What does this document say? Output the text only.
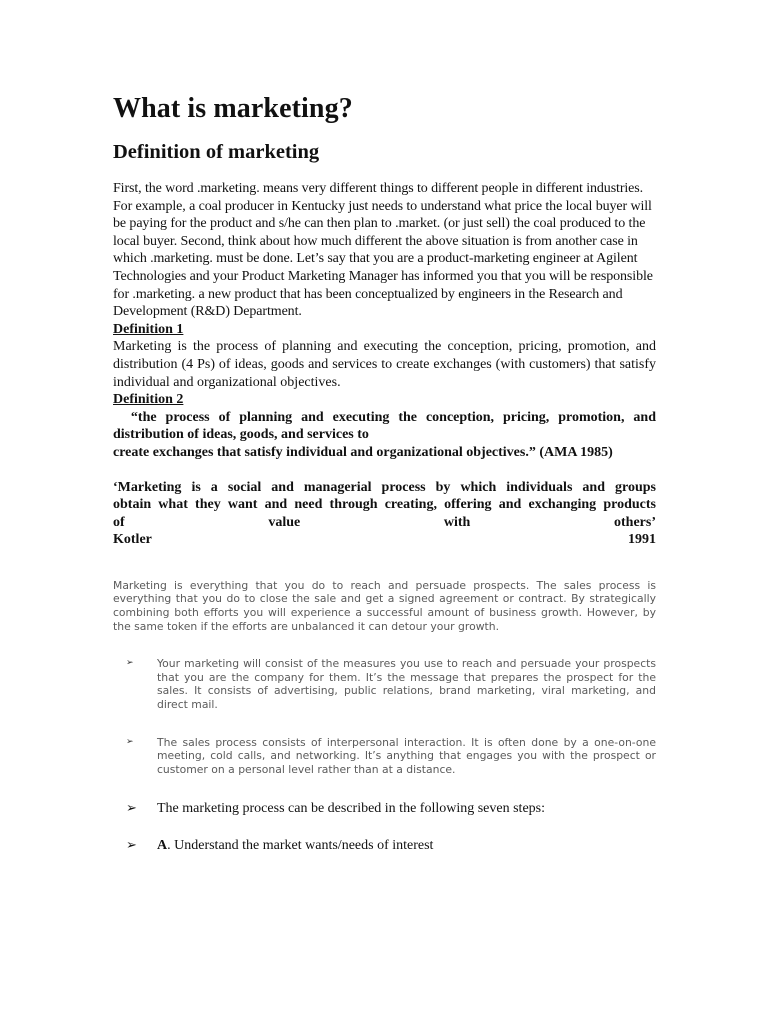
What is marketing?
Definition of marketing

First, the word .marketing. means very different things to different people in different industries. For example, a coal producer in Kentucky just needs to understand what price the local buyer will be paying for the product and s/he can then plan to .market. (or just sell) the coal produced to the local buyer. Second, think about how much different the above situation is from another case in which .marketing. must be done. Let’s say that you are a product-marketing engineer at Agilent Technologies and your Product Marketing Manager has informed you that you will be responsible for .marketing. a new product that has been conceptualized by engineers in the Research and Development (R&D) Department.

Definition 1

Marketing is the process of planning and executing the conception, pricing, promotion, and distribution (4 Ps) of ideas, goods and services to create exchanges (with customers) that satisfy individual and organizational objectives.

Definition 2

“the process of planning and executing the conception, pricing, promotion, and distribution of ideas, goods, and services to

create exchanges that satisfy individual and organizational objectives.” (AMA 1985)

‘Marketing is a social and managerial process by which individuals and groups
obtain what they want and need through creating, offering and exchanging products
of value with others’
Kotler 1991

Marketing is everything that you do to reach and persuade prospects. The sales process is everything that you do to close the sale and get a signed agreement or contract. By strategically combining both efforts you will experience a successful amount of business growth. However, by the same token if the efforts are unbalanced it can detour your growth.

➢ Your marketing will consist of the measures you use to reach and persuade your prospects that you are the company for them. It’s the message that prepares the prospect for the sales. It consists of advertising, public relations, brand marketing, viral marketing, and direct mail.
➢ The sales process consists of interpersonal interaction. It is often done by a one-on-one meeting, cold calls, and networking. It’s anything that engages you with the prospect or customer on a personal level rather than at a distance.
➢ The marketing process can be described in the following seven steps:
➢ A. Understand the market wants/needs of interest
